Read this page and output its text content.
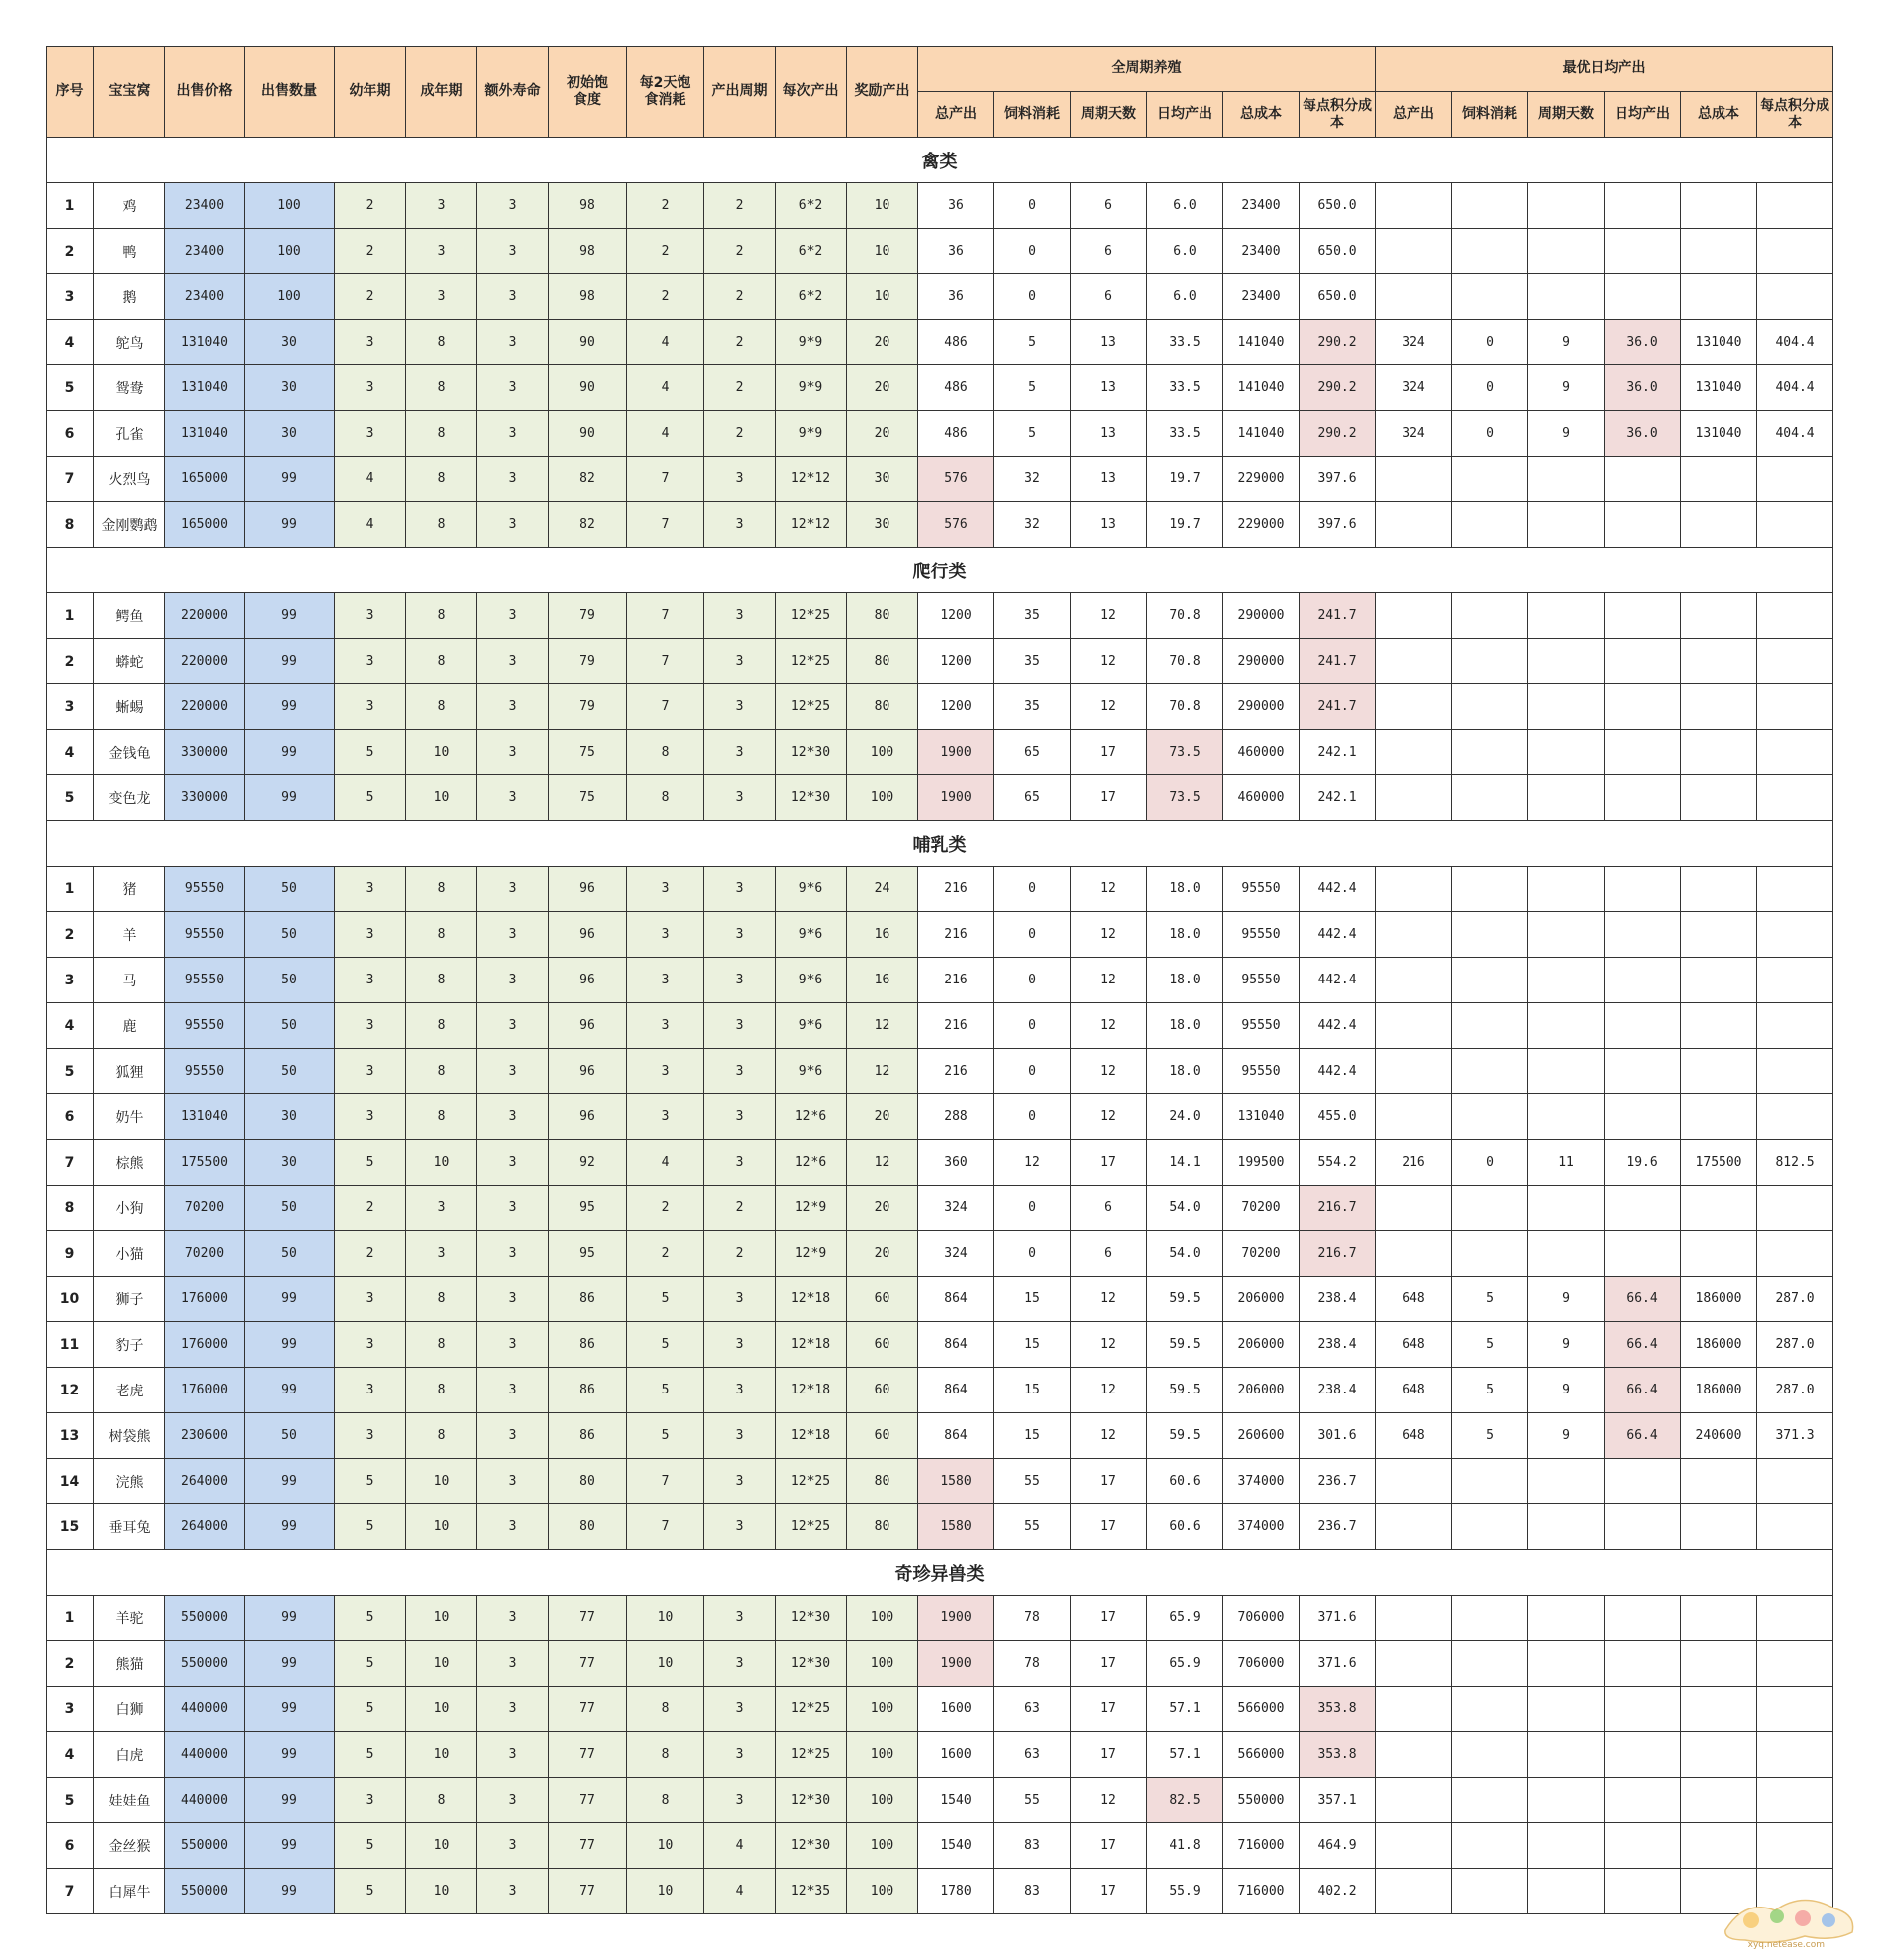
序号	宝宝窝	出售价格	出售数量	幼年期	成年期	额外寿命	初始饱食度	每2天饱食消耗	产出周期	每次产出	奖励产出	全周期养殖						最优日均产出					
												总产出	饲料消耗	周期天数	日均产出	总成本	每点积分成本	总产出	饲料消耗	周期天数	日均产出	总成本	每点积分成本
禽类																							
1	鸡	23400	100	2	3	3	98	2	2	6*2	10	36	0	6	6.0	23400	650.0						
2	鸭	23400	100	2	3	3	98	2	2	6*2	10	36	0	6	6.0	23400	650.0						
3	鹅	23400	100	2	3	3	98	2	2	6*2	10	36	0	6	6.0	23400	650.0						
4	鸵鸟	131040	30	3	8	3	90	4	2	9*9	20	486	5	13	33.5	141040	290.2	324	0	9	36.0	131040	404.4
5	鸳鸯	131040	30	3	8	3	90	4	2	9*9	20	486	5	13	33.5	141040	290.2	324	0	9	36.0	131040	404.4
6	孔雀	131040	30	3	8	3	90	4	2	9*9	20	486	5	13	33.5	141040	290.2	324	0	9	36.0	131040	404.4
7	火烈鸟	165000	99	4	8	3	82	7	3	12*12	30	576	32	13	19.7	229000	397.6						
8	金刚鹦鹉	165000	99	4	8	3	82	7	3	12*12	30	576	32	13	19.7	229000	397.6						
爬行类																							
1	鳄鱼	220000	99	3	8	3	79	7	3	12*25	80	1200	35	12	70.8	290000	241.7						
2	蟒蛇	220000	99	3	8	3	79	7	3	12*25	80	1200	35	12	70.8	290000	241.7						
3	蜥蜴	220000	99	3	8	3	79	7	3	12*25	80	1200	35	12	70.8	290000	241.7						
4	金钱龟	330000	99	5	10	3	75	8	3	12*30	100	1900	65	17	73.5	460000	242.1						
5	变色龙	330000	99	5	10	3	75	8	3	12*30	100	1900	65	17	73.5	460000	242.1						
哺乳类																							
1	猪	95550	50	3	8	3	96	3	3	9*6	24	216	0	12	18.0	95550	442.4						
2	羊	95550	50	3	8	3	96	3	3	9*6	16	216	0	12	18.0	95550	442.4						
3	马	95550	50	3	8	3	96	3	3	9*6	16	216	0	12	18.0	95550	442.4						
4	鹿	95550	50	3	8	3	96	3	3	9*6	12	216	0	12	18.0	95550	442.4						
5	狐狸	95550	50	3	8	3	96	3	3	9*6	12	216	0	12	18.0	95550	442.4						
6	奶牛	131040	30	3	8	3	96	3	3	12*6	20	288	0	12	24.0	131040	455.0						
7	棕熊	175500	30	5	10	3	92	4	3	12*6	12	360	12	17	14.1	199500	554.2	216	0	11	19.6	175500	812.5
8	小狗	70200	50	2	3	3	95	2	2	12*9	20	324	0	6	54.0	70200	216.7						
9	小猫	70200	50	2	3	3	95	2	2	12*9	20	324	0	6	54.0	70200	216.7						
10	狮子	176000	99	3	8	3	86	5	3	12*18	60	864	15	12	59.5	206000	238.4	648	5	9	66.4	186000	287.0
11	豹子	176000	99	3	8	3	86	5	3	12*18	60	864	15	12	59.5	206000	238.4	648	5	9	66.4	186000	287.0
12	老虎	176000	99	3	8	3	86	5	3	12*18	60	864	15	12	59.5	206000	238.4	648	5	9	66.4	186000	287.0
13	树袋熊	230600	50	3	8	3	86	5	3	12*18	60	864	15	12	59.5	260600	301.6	648	5	9	66.4	240600	371.3
14	浣熊	264000	99	5	10	3	80	7	3	12*25	80	1580	55	17	60.6	374000	236.7						
15	垂耳兔	264000	99	5	10	3	80	7	3	12*25	80	1580	55	17	60.6	374000	236.7						
奇珍异兽类																							
1	羊驼	550000	99	5	10	3	77	10	3	12*30	100	1900	78	17	65.9	706000	371.6						
2	熊猫	550000	99	5	10	3	77	10	3	12*30	100	1900	78	17	65.9	706000	371.6						
3	白狮	440000	99	5	10	3	77	8	3	12*25	100	1600	63	17	57.1	566000	353.8						
4	白虎	440000	99	5	10	3	77	8	3	12*25	100	1600	63	17	57.1	566000	353.8						
5	娃娃鱼	440000	99	3	8	3	77	8	3	12*30	100	1540	55	12	82.5	550000	357.1						
6	金丝猴	550000	99	5	10	3	77	10	4	12*30	100	1540	83	17	41.8	716000	464.9						
7	白犀牛	550000	99	5	10	3	77	10	4	12*35	100	1780	83	17	55.9	716000	402.2						
xyq.netease.com
